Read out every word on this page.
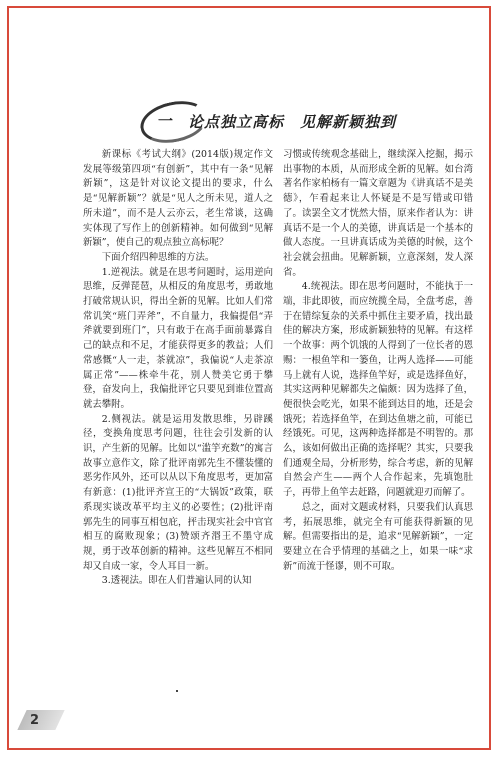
一 论点独立高标　见解新颖独到

新课标《考试大纲》(2014版)规定作文发展等级第四项“有创新”，其中有一条“见解新颖”，这是针对议论文提出的要求，什么是“见解新颖”？就是“见人之所未见，道人之所未道”，而不是人云亦云，老生常谈，这确实体现了写作上的创新精神。如何做到“见解新颖”，使自己的观点独立高标呢？

下面介绍四种思维的方法。

1.逆视法。就是在思考问题时，运用逆向思维，反弹琵琶，从相反的角度思考，勇敢地打破常规认识，得出全新的见解。比如人们常常讥笑“班门弄斧”，不自量力，我偏提倡“弄斧就要到班门”，只有敢于在高手面前暴露自己的缺点和不足，才能获得更多的教益；人们常感慨“人一走，茶就凉”，我偏说“人走茶凉属正常”——株牵牛花，别人赞美它勇于攀登，奋发向上，我偏批评它只要见到谁位置高就去攀附。

2.侧视法。就是运用发散思维，另辟蹊径，变换角度思考问题，往往会引发新的认识，产生新的见解。比如以“滥竽充数”的寓言故事立意作文，除了批评南郭先生不懂装懂的恶劣作风外，还可以从以下角度思考，更加富有新意：(1)批评齐宣王的“大锅饭”政策，联系现实谈改革平均主义的必要性；(2)批评南郭先生的同事互相包庇，抨击现实社会中官官相互的腐败现象；(3)赞颂齐湣王不墨守成规，勇于改革创新的精神。这些见解互不相同却又自成一家，令人耳目一新。

3.透视法。即在人们普遍认同的认知

习惯或传统观念基础上，继续深入挖掘，揭示出事物的本质，从而形成全新的见解。如台湾著名作家柏杨有一篇文章题为《讲真话不是美德》，乍看起来让人怀疑是不是写错或印错了。读罢全文才恍然大悟，原来作者认为：讲真话不是一个人的美德，讲真话是一个基本的做人态度。一旦讲真话成为美德的时候，这个社会就会扭曲。见解新颖，立意深刻，发人深省。

4.统视法。即在思考问题时，不能执于一端，非此即彼，而应统揽全局，全盘考虑，善于在错综复杂的关系中抓住主要矛盾，找出最佳的解决方案，形成新颖独特的见解。有这样一个故事：两个饥饿的人得到了一位长者的恩赐：一根鱼竿和一篓鱼，让两人选择——可能马上就有人说，选择鱼竿好，或是选择鱼好，其实这两种见解都失之偏颇：因为选择了鱼，便很快会吃光，如果不能到达目的地，还是会饿死；若选择鱼竿，在到达鱼塘之前，可能已经饿死。可见，这两种选择都是不明智的。那么，该如何做出正确的选择呢？其实，只要我们通观全局，分析形势，综合考虑，新的见解自然会产生——两个人合作起来，先填饱肚子，再带上鱼竿去赶路，问题就迎刃而解了。

总之，面对文题或材料，只要我们认真思考，拓展思维，就完全有可能获得新颖的见解。但需要指出的是，追求“见解新颖”，一定要建立在合乎情理的基础之上，如果一味“求新”而流于怪谬，则不可取。

2
